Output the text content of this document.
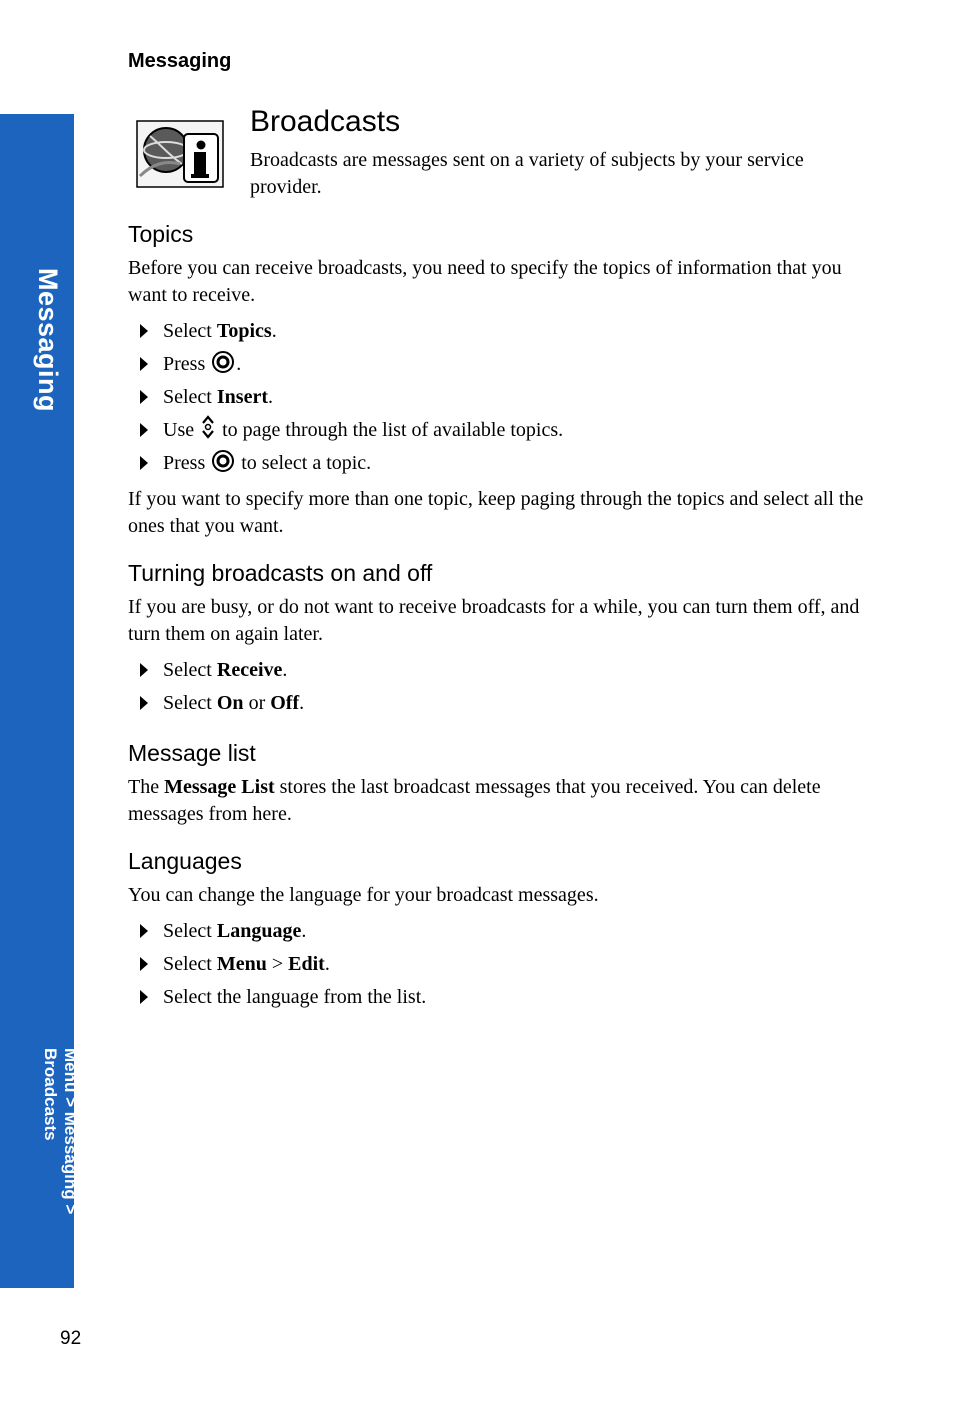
Messaging
Messaging
Menu > Messaging > Broadcasts
92
Broadcasts

Broadcasts are messages sent on a variety of subjects by your service provider.

Topics

Before you can receive broadcasts, you need to specify the topics of information that you want to receive.

Select Topics.
Press .
Select Insert.
Use to page through the list of available topics.
Press to select a topic.

If you want to specify more than one topic, keep paging through the topics and select all the ones that you want.

Turning broadcasts on and off

If you are busy, or do not want to receive broadcasts for a while, you can turn them off, and turn them on again later.

Select Receive.
Select On or Off.
Message list

The Message List stores the last broadcast messages that you received. You can delete messages from here.

Languages

You can change the language for your broadcast messages.

Select Language.
Select Menu > Edit.
Select the language from the list.
